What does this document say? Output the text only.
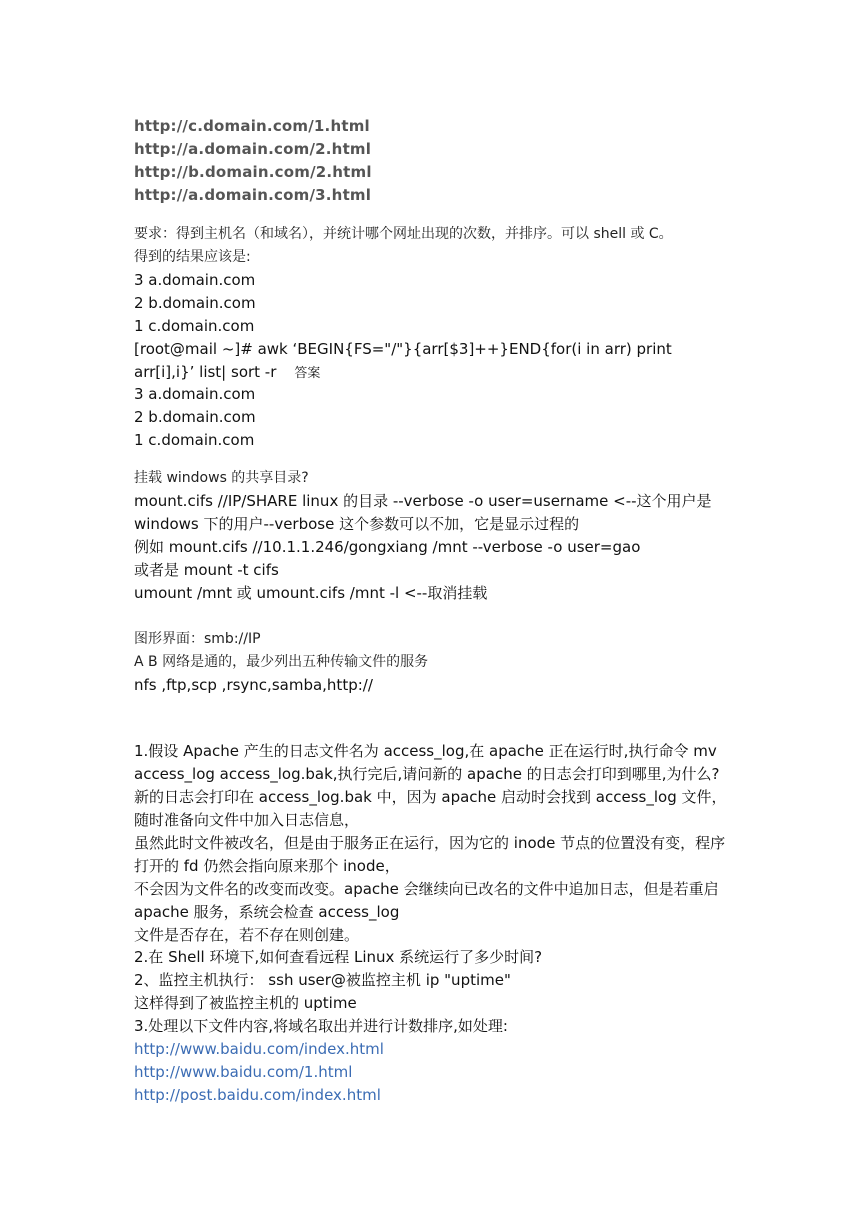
http://c.domain.com/1.html
http://a.domain.com/2.html
http://b.domain.com/2.html
http://a.domain.com/3.html
要求：得到主机名（和域名），并统计哪个网址出现的次数，并排序。可以 shell 或 C。
得到的结果应该是:
3 a.domain.com
2 b.domain.com
1 c.domain.com
[root@mail ~]# awk ‘BEGIN{FS="/"}{arr[$3]++}END{for(i in arr) print
arr[i],i}’ list| sort -r 答案
3 a.domain.com
2 b.domain.com
1 c.domain.com
挂载 windows 的共享目录?
mount.cifs //IP/SHARE linux 的目录 --verbose -o user=username <--这个用户是
windows 下的用户--verbose 这个参数可以不加，它是显示过程的
例如 mount.cifs //10.1.1.246/gongxiang /mnt --verbose -o user=gao
或者是 mount -t cifs
umount /mnt 或 umount.cifs /mnt -l <--取消挂载
图形界面：smb://IP
A B 网络是通的，最少列出五种传输文件的服务
nfs ,ftp,scp ,rsync,samba,http://
1.假设 Apache 产生的日志文件名为 access_log,在 apache 正在运行时,执行命令 mv
access_log access_log.bak,执行完后,请问新的 apache 的日志会打印到哪里,为什么?
新的日志会打印在 access_log.bak 中，因为 apache 启动时会找到 access_log 文件，
随时准备向文件中加入日志信息，
虽然此时文件被改名，但是由于服务正在运行，因为它的 inode 节点的位置没有变，程序
打开的 fd 仍然会指向原来那个 inode，
不会因为文件名的改变而改变。apache 会继续向已改名的文件中追加日志，但是若重启
apache 服务，系统会检查 access_log
文件是否存在，若不存在则创建。
2.在 Shell 环境下,如何查看远程 Linux 系统运行了多少时间?
2、监控主机执行： ssh user@被监控主机 ip "uptime"
这样得到了被监控主机的 uptime
3.处理以下文件内容,将域名取出并进行计数排序,如处理:
http://www.baidu.com/index.html
http://www.baidu.com/1.html
http://post.baidu.com/index.html
